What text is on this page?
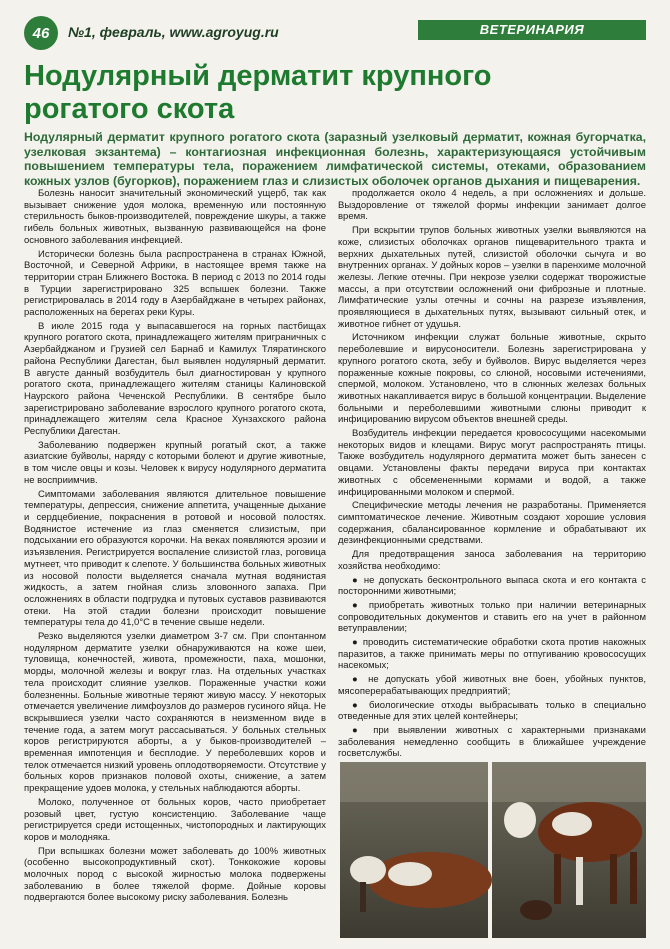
46	№1, февраль, www.agroyug.ru	ВЕТЕРИНАРИЯ
Нодулярный дерматит крупного рогатого скота
Нодулярный дерматит крупного рогатого скота (заразный узелковый дерматит, кожная бугорчатка, узелковая экзантема) – контагиозная инфекционная болезнь, характеризующаяся устойчивым повышением температуры тела, поражением лимфатической системы, отеками, образованием кожных узлов (бугорков), поражением глаз и слизистых оболочек органов дыхания и пищеварения.

Болезнь наносит значительный экономический ущерб, так как вызывает снижение удоя молока, временную или постоянную стерильность быков-производителей, повреждение шкуры, а также гибель больных животных, вызванную развивающейся на фоне основного заболевания инфекцией.

Исторически болезнь была распространена в странах Южной, Восточной, и Северной Африки, в настоящее время также на территории стран Ближнего Востока. В период с 2013 по 2014 годы в Турции зарегистрировано 325 вспышек болезни. Также регистрировалась в 2014 году в Азербайджане в четырех районах, расположенных на берегах реки Куры.

В июле 2015 года у выпасавшегося на горных пастбищах крупного рогатого скота, принадлежащего жителям приграничных с Азербайджаном и Грузией сел Барнаб и Камилух Тляратинского района Республики Дагестан, был выявлен нодулярный дерматит. В августе данный возбудитель был диагностирован у крупного рогатого скота, принадлежащего жителям станицы Калиновской Наурского района Чеченской Республики. В сентябре было зарегистрировано заболевание взрослого крупного рогатого скота, принадлежащего жителям села Красное Хунзахского района Республики Дагестан.

Заболеванию подвержен крупный рогатый скот, а также азиатские буйволы, наряду с которыми болеют и другие животные, в том числе овцы и козы. Человек к вирусу нодулярного дерматита не восприимчив.

Симптомами заболевания являются длительное повышение температуры, депрессия, снижение аппетита, учащенные дыхание и сердцебиение, покраснения в ротовой и носовой полостях. Водянистое истечение из глаз сменяется слизистым, при подсыхании его образуются корочки. На веках появляются эрозии и изъязвления. Регистрируется воспаление слизистой глаз, роговица мутнеет, что приводит к слепоте. У большинства больных животных из носовой полости выделяется сначала мутная водянистая жидкость, а затем гнойная слизь зловонного запаха. При осложнениях в области подгрудка и путовых суставов развиваются отеки. На этой стадии болезни происходит повышение температуры тела до 41,0°С в течение свыше недели.

Резко выделяются узелки диаметром 3-7 см. При спонтанном нодулярном дерматите узелки обнаруживаются на коже шеи, туловища, конечностей, живота, промежности, паха, мошонки, морды, молочной железы и вокруг глаз. На отдельных участках тела происходит слияние узелков. Пораженные участки кожи болезненны. Больные животные теряют живую массу. У некоторых отмечается увеличение лимфоузлов до размеров гусиного яйца. Не вскрывшиеся узелки часто сохраняются в неизменном виде в течение года, а затем могут рассасываться. У больных стельных коров регистрируются аборты, а у быков-производителей – временная импотенция и бесплодие. У переболевших коров и телок отмечается низкий уровень оплодотворяемости. Отсутствие у больных коров признаков половой охоты, снижение, а затем прекращение удоев молока, у стельных наблюдаются аборты.

Молоко, полученное от больных коров, часто приобретает розовый цвет, густую консистенцию. Заболевание чаще регистрируется среди истощенных, чистопородных и лактирующих коров и молодняка.

При вспышках болезни может заболевать до 100% животных (особенно высокопродуктивный скот). Тонкокожие коровы молочных пород с высокой жирностью молока подвержены заболеванию в более тяжелой форме. Дойные коровы подвергаются более высокому риску заболевания. Болезнь

продолжается около 4 недель, а при осложнениях и дольше. Выздоровление от тяжелой формы инфекции занимает долгое время.

При вскрытии трупов больных животных узелки выявляются на коже, слизистых оболочках органов пищеварительного тракта и верхних дыхательных путей, слизистой оболочки сычуга и во внутренних органах. У дойных коров – узелки в паренхиме молочной железы. Легкие отечны. При некрозе узелки содержат творожистые массы, а при отсутствии осложнений они фиброзные и плотные. Лимфатические узлы отечны и сочны на разрезе изъявления, проявляющиеся в дыхательных путях, вызывают сильный отек, и животное гибнет от удушья.

Источником инфекции служат больные животные, скрыто переболевшие и вирусоносители. Болезнь зарегистрирована у крупного рогатого скота, зебу и буйволов. Вирус выделяется через пораженные кожные покровы, со слюной, носовыми истечениями, спермой, молоком. Установлено, что в слюнных железах больных животных накапливается вирус в большой концентрации. Выделение больными и переболевшими животными слюны приводит к инфицированию вирусом объектов внешней среды.

Возбудитель инфекции передается кровососущими насекомыми некоторых видов и клещами. Вирус могут распространять птицы. Также возбудитель нодулярного дерматита может быть занесен с овцами. Установлены факты передачи вируса при контактах животных с обсемененными кормами и водой, а также инфицированными молоком и спермой.

Специфические методы лечения не разработаны. Применяется симптоматическое лечение. Животным создают хорошие условия содержания, сбалансированное кормление и обрабатывают их дезинфекционными средствами.

Для предотвращения заноса заболевания на территорию хозяйства необходимо:

● не допускать бесконтрольного выпаса скота и его контакта с посторонними животными;

● приобретать животных только при наличии ветеринарных сопроводительных документов и ставить его на учет в районном ветуправлении;

● проводить систематические обработки скота против накожных паразитов, а также принимать меры по отпугиванию кровососущих насекомых;

● не допускать убой животных вне боен, убойных пунктов, мясоперерабатывающих предприятий;

● биологические отходы выбрасывать только в специально отведенные для этих целей контейнеры;

● при выявлении животных с характерными признаками заболевания немедленно сообщить в ближайшее учреждение госветслужбы.
